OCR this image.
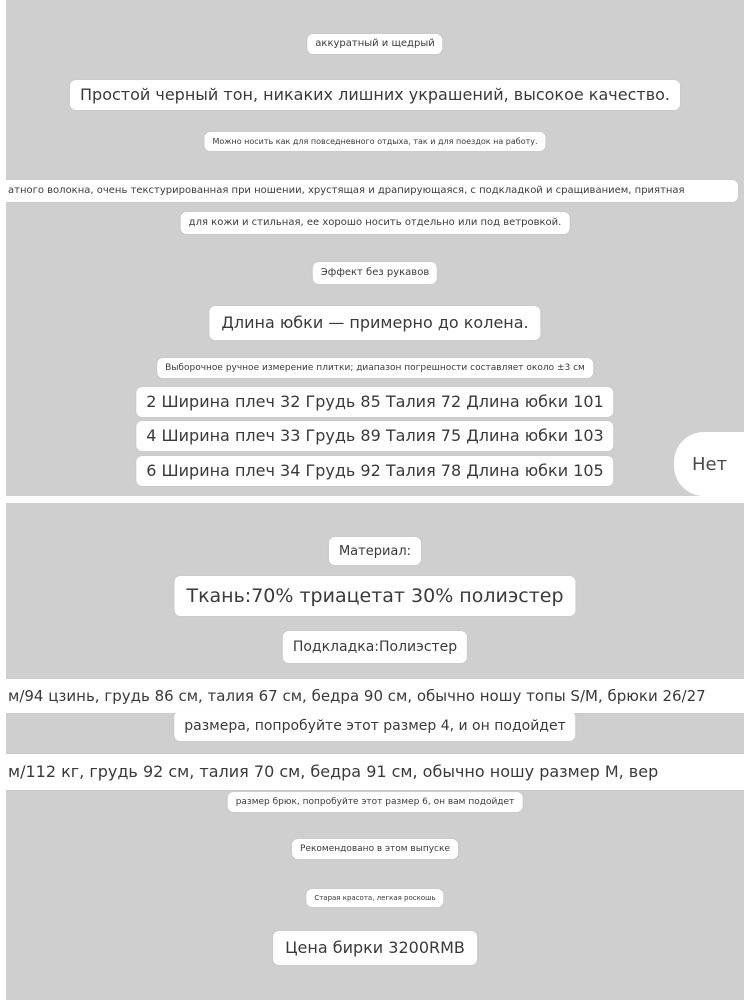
аккуратный и щедрый
Простой черный тон, никаких лишних украшений, высокое качество.
Можно носить как для повседневного отдыха, так и для поездок на работу.
атного волокна, очень текстурированная при ношении, хрустящая и драпирующаяся, с подкладкой и сращиванием, приятная
для кожи и стильная, ее хорошо носить отдельно или под ветровкой.
Эффект без рукавов
Длина юбки — примерно до колена.
Выборочное ручное измерение плитки; диапазон погрешности составляет около ±3 см
2 Ширина плеч 32 Грудь 85 Талия 72 Длина юбки 101
4 Ширина плеч 33 Грудь 89 Талия 75 Длина юбки 103
6 Ширина плеч 34 Грудь 92 Талия 78 Длина юбки 105	Нет
Материал:
Ткань:70% триацетат 30% полиэстер
Подкладка:Полиэстер
м/94 цзинь, грудь 86 см, талия 67 см, бедра 90 см, обычно ношу топы S/M, брюки 26/27
размера, попробуйте этот размер 4, и он подойдет
м/112 кг, грудь 92 см, талия 70 см, бедра 91 см, обычно ношу размер M, вер
размер брюк, попробуйте этот размер 6, он вам подойдет
Рекомендовано в этом выпуске
Старая красота, легкая роскошь
Цена бирки 3200RMB
